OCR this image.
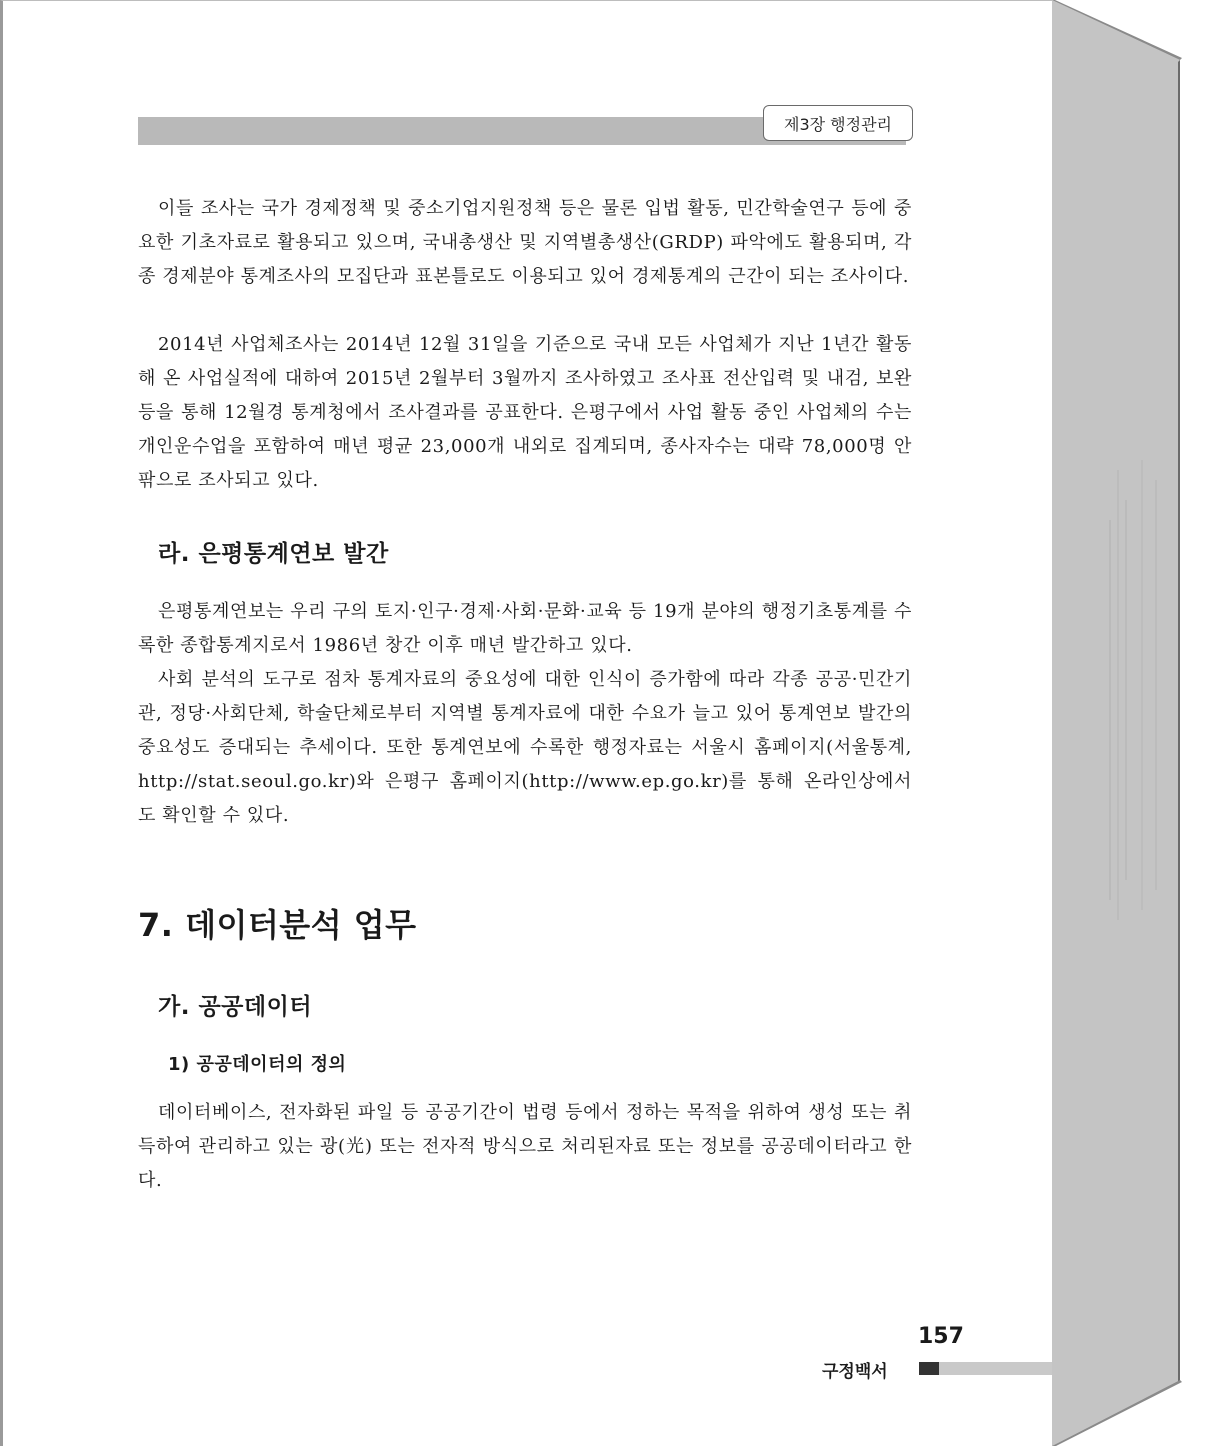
제3장 행정관리

이들 조사는 국가 경제정책 및 중소기업지원정책 등은 물론 입법 활동, 민간학술연구 등에 중요한 기초자료로 활용되고 있으며, 국내총생산 및 지역별총생산(GRDP) 파악에도 활용되며, 각종 경제분야 통계조사의 모집단과 표본틀로도 이용되고 있어 경제통계의 근간이 되는 조사이다.

2014년 사업체조사는 2014년 12월 31일을 기준으로 국내 모든 사업체가 지난 1년간 활동해 온 사업실적에 대하여 2015년 2월부터 3월까지 조사하였고 조사표 전산입력 및 내검, 보완 등을 통해 12월경 통계청에서 조사결과를 공표한다. 은평구에서 사업 활동 중인 사업체의 수는 개인운수업을 포함하여 매년 평균 23,000개 내외로 집계되며, 종사자수는 대략 78,000명 안팎으로 조사되고 있다.

라. 은평통계연보 발간

은평통계연보는 우리 구의 토지·인구·경제·사회·문화·교육 등 19개 분야의 행정기초통계를 수록한 종합통계지로서 1986년 창간 이후 매년 발간하고 있다.

사회 분석의 도구로 점차 통계자료의 중요성에 대한 인식이 증가함에 따라 각종 공공·민간기관, 정당·사회단체, 학술단체로부터 지역별 통계자료에 대한 수요가 늘고 있어 통계연보 발간의 중요성도 증대되는 추세이다. 또한 통계연보에 수록한 행정자료는 서울시 홈페이지(서울통계, http://stat.seoul.go.kr)와 은평구 홈페이지(http://www.ep.go.kr)를 통해 온라인상에서도 확인할 수 있다.

7. 데이터분석 업무
가. 공공데이터
1) 공공데이터의 정의

데이터베이스, 전자화된 파일 등 공공기간이 법령 등에서 정하는 목적을 위하여 생성 또는 취득하여 관리하고 있는 광(光) 또는 전자적 방식으로 처리된자료 또는 정보를 공공데이터라고 한다.

157
구정백서
